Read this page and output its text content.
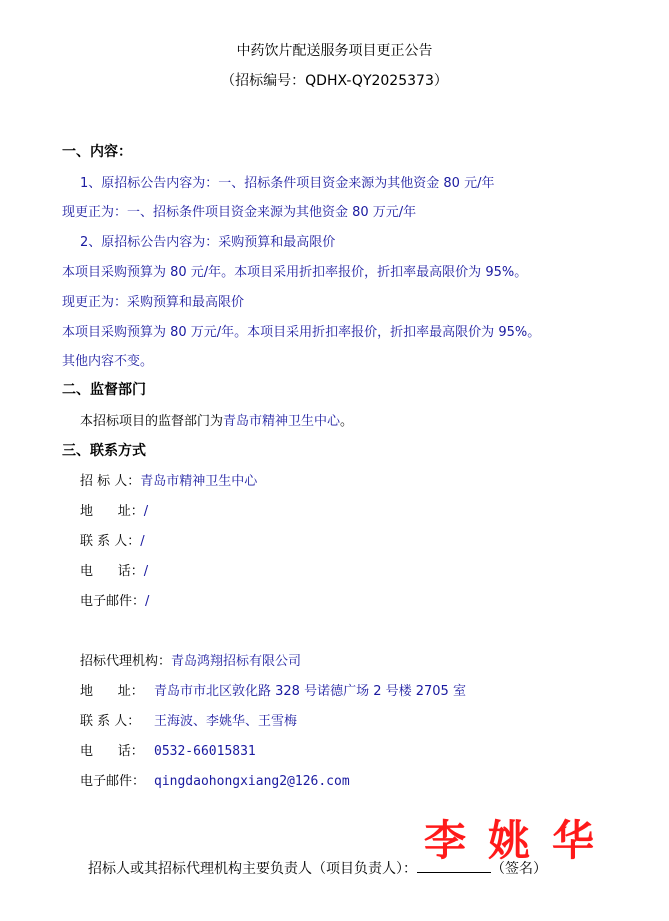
中药饮片配送服务项目更正公告
（招标编号：QDHX-QY2025373）
一、内容：
1、原招标公告内容为：一、招标条件项目资金来源为其他资金 80 元/年
现更正为：一、招标条件项目资金来源为其他资金 80 万元/年
2、原招标公告内容为：采购预算和最高限价
本项目采购预算为 80 元/年。本项目采用折扣率报价，折扣率最高限价为 95%。
现更正为：采购预算和最高限价
本项目采购预算为 80 万元/年。本项目采用折扣率报价，折扣率最高限价为 95%。
其他内容不变。
二、监督部门
本招标项目的监督部门为青岛市精神卫生中心。
三、联系方式
招 标 人：青岛市精神卫生中心
地      址：/
联 系 人：/
电      话：/
电子邮件：/
招标代理机构：青岛鸿翔招标有限公司
地      址： 青岛市市北区敦化路 328 号诺德广场 2 号楼 2705 室
联 系 人： 王海波、李姚华、王雪梅
电      话： 0532-66015831
电子邮件： qingdaohongxiang2@126.com
李姚华
招标人或其招标代理机构主要负责人（项目负责人）：	（签名）
